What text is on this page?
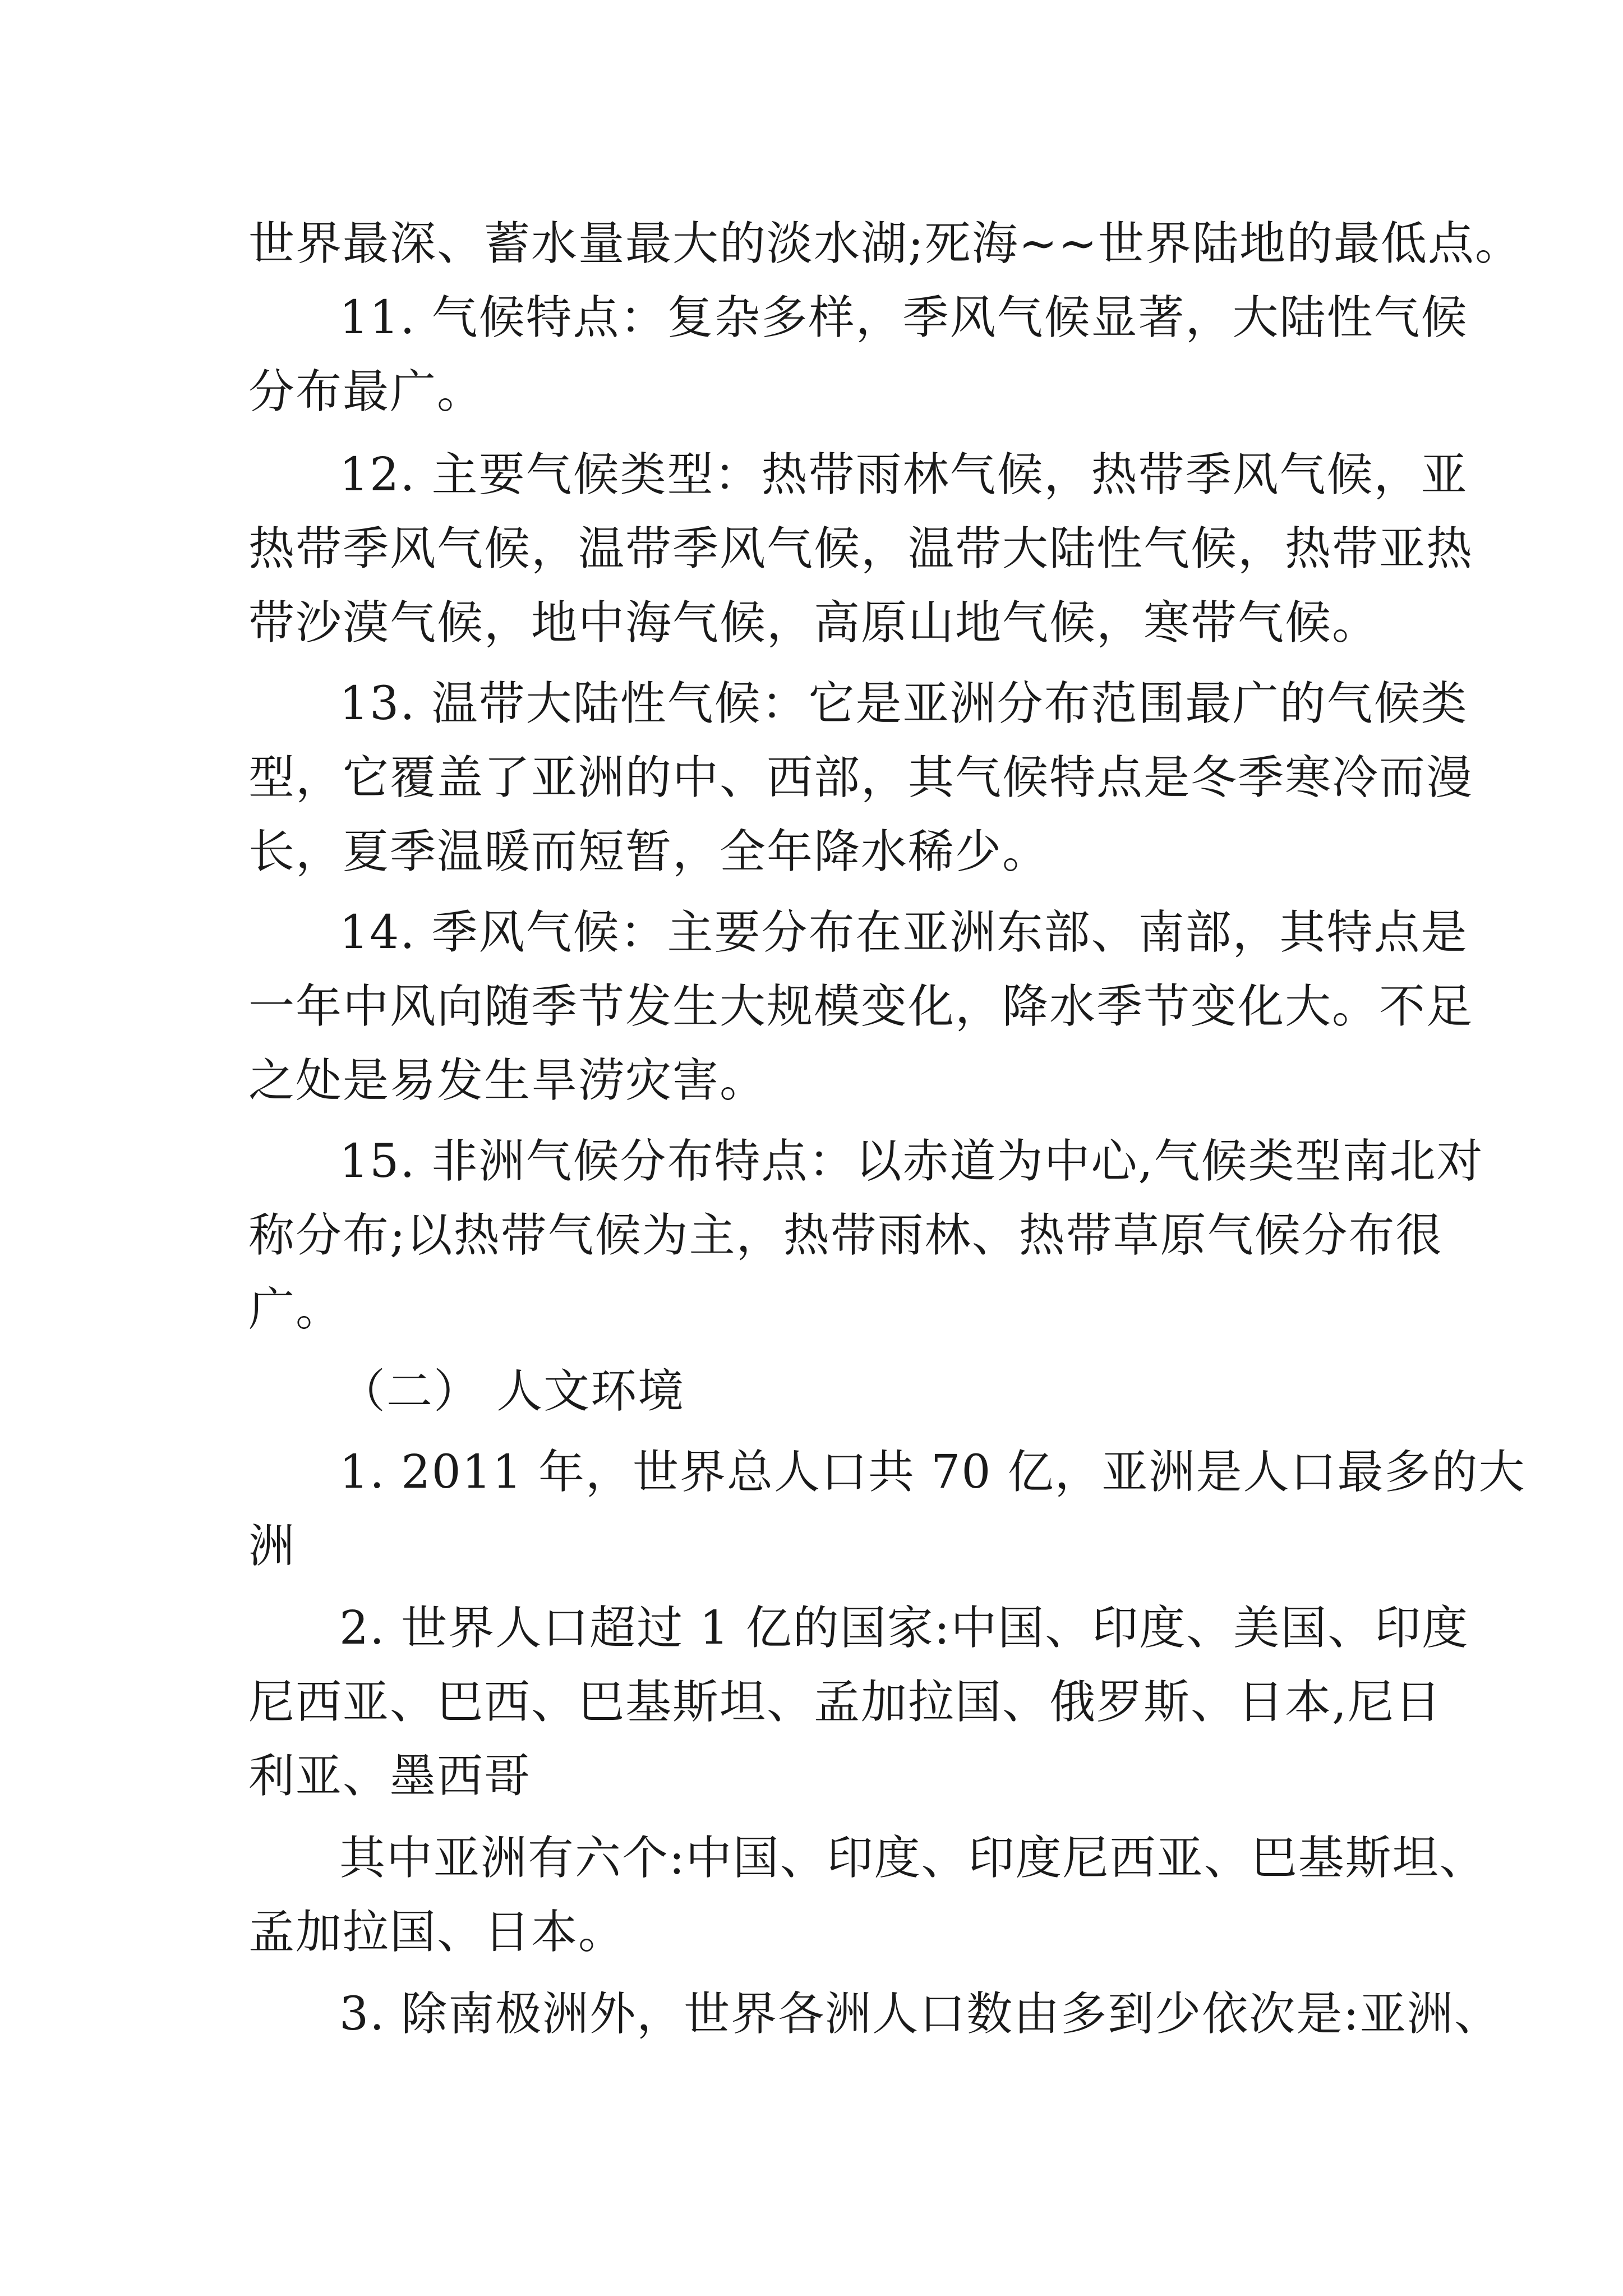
世界最深、蓄水量最大的淡水湖;死海~~世界陆地的最低点。
11. 气候特点：复杂多样，季风气候显著，大陆性气候
分布最广。
12. 主要气候类型：热带雨林气候，热带季风气候，亚
热带季风气候，温带季风气候，温带大陆性气候，热带亚热
带沙漠气候，地中海气候，高原山地气候，寒带气候。
13. 温带大陆性气候：它是亚洲分布范围最广的气候类
型，它覆盖了亚洲的中、西部，其气候特点是冬季寒冷而漫
长，夏季温暖而短暂，全年降水稀少。
14. 季风气候：主要分布在亚洲东部、南部，其特点是
一年中风向随季节发生大规模变化，降水季节变化大。不足
之处是易发生旱涝灾害。
15. 非洲气候分布特点：以赤道为中心,气候类型南北对
称分布;以热带气候为主，热带雨林、热带草原气候分布很
广。
（二） 人文环境
1. 2011 年，世界总人口共 70 亿，亚洲是人口最多的大
洲
2. 世界人口超过 1 亿的国家:中国、印度、美国、印度
尼西亚、巴西、巴基斯坦、孟加拉国、俄罗斯、日本,尼日
利亚、墨西哥
其中亚洲有六个:中国、印度、印度尼西亚、巴基斯坦、
孟加拉国、日本。
3. 除南极洲外，世界各洲人口数由多到少依次是:亚洲、
